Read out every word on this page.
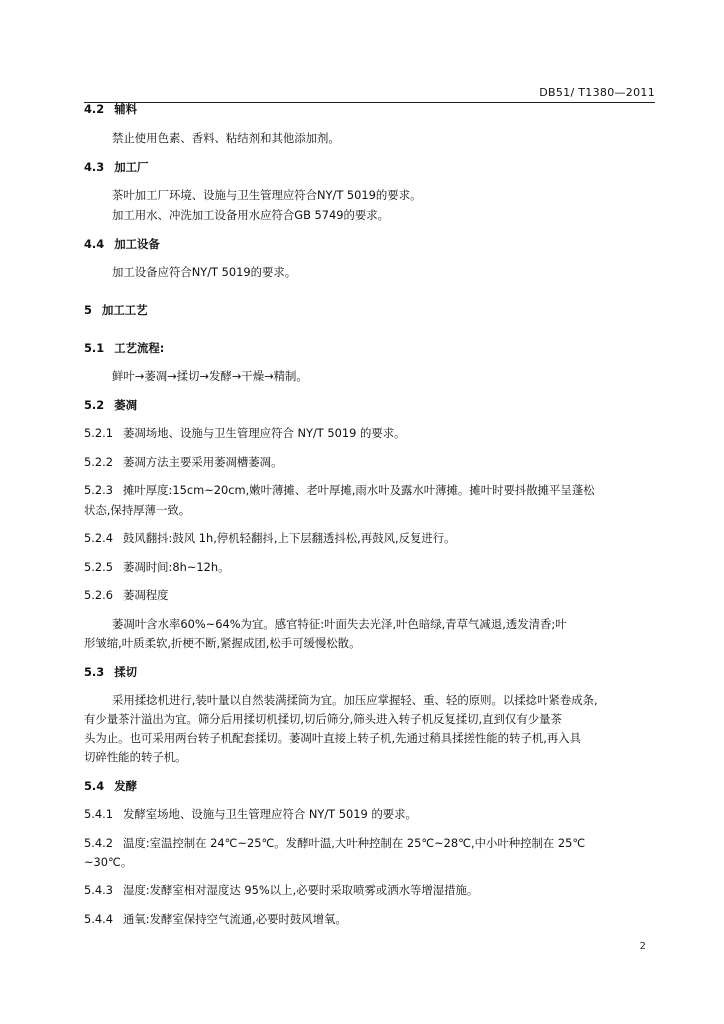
DB51/ T1380—2011
4.2 辅料
禁止使用色素、香料、粘结剂和其他添加剂。
4.3 加工厂
茶叶加工厂环境、设施与卫生管理应符合NY/T 5019的要求。
加工用水、冲洗加工设备用水应符合GB 5749的要求。
4.4 加工设备
加工设备应符合NY/T 5019的要求。
5 加工工艺
5.1 工艺流程:
鲜叶→萎凋→揉切→发酵→干燥→精制。
5.2 萎凋
5.2.1 萎凋场地、设施与卫生管理应符合 NY/T 5019 的要求。
5.2.2 萎凋方法主要采用萎凋槽萎凋。
5.2.3 摊叶厚度:15cm~20cm,嫩叶薄摊、老叶厚摊,雨水叶及露水叶薄摊。摊叶时要抖散摊平呈蓬松
状态,保持厚薄一致。
5.2.4 鼓风翻抖:鼓风 1h,停机轻翻抖,上下层翻透抖松,再鼓风,反复进行。
5.2.5 萎凋时间:8h~12h。
5.2.6 萎凋程度
萎凋叶含水率60%~64%为宜。感官特征:叶面失去光泽,叶色暗绿,青草气减退,透发清香;叶
形皱缩,叶质柔软,折梗不断,紧握成团,松手可缓慢松散。
5.3 揉切
采用揉捻机进行,装叶量以自然装满揉筒为宜。加压应掌握轻、重、轻的原则。以揉捻叶紧卷成条,
有少量茶汁溢出为宜。筛分后用揉切机揉切,切后筛分,筛头进入转子机反复揉切,直到仅有少量茶
头为止。也可采用两台转子机配套揉切。萎凋叶直接上转子机,先通过稍具揉搓性能的转子机,再入具
切碎性能的转子机。
5.4 发酵
5.4.1 发酵室场地、设施与卫生管理应符合 NY/T 5019 的要求。
5.4.2 温度:室温控制在 24℃~25℃。发酵叶温,大叶种控制在 25℃~28℃,中小叶种控制在 25℃
~30℃。
5.4.3 湿度:发酵室相对湿度达 95%以上,必要时采取喷雾或洒水等增湿措施。
5.4.4 通氧:发酵室保持空气流通,必要时鼓风增氧。
2
